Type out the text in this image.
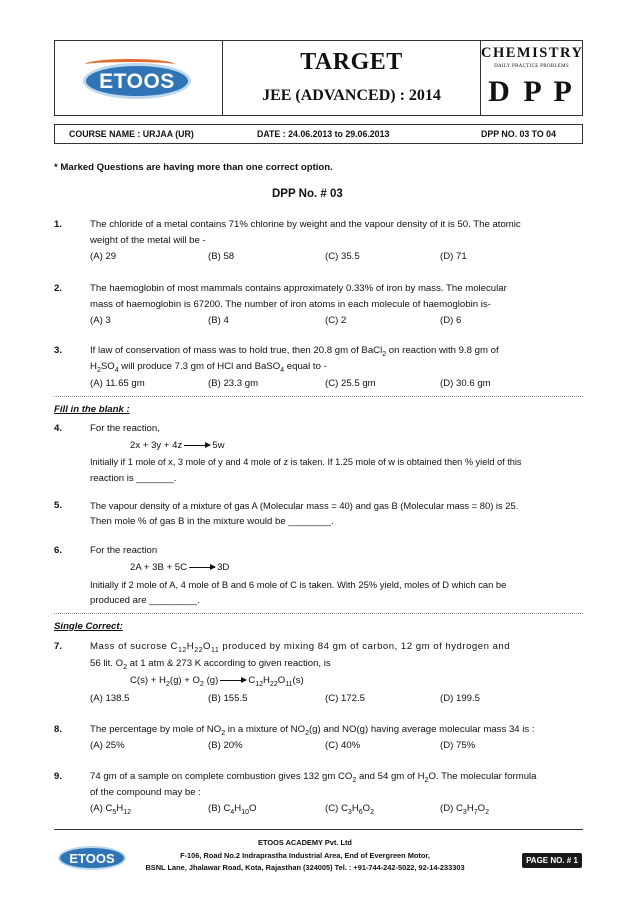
ETOOS
TARGET
JEE (ADVANCED) : 2014
CHEMISTRY
DAILY PRACTICE PROBLEMS
D P P
COURSE NAME : URJAA (UR)	DATE : 24.06.2013 to 29.06.2013	DPP NO. 03 TO 04
* Marked Questions are having more than one correct option.
DPP No. # 03
1.	The chloride of a metal contains 71% chlorine by weight and the vapour density of it is 50. The atomic
weight of the metal will be -
(A) 29	(B) 58	(C) 35.5	(D) 71
2.	The haemoglobin of most mammals contains approximately 0.33% of iron by mass. The molecular
mass of haemoglobin is 67200. The number of iron atoms in each molecule of haemoglobin is-
(A) 3	(B) 4	(C) 2	(D) 6
3.	If law of conservation of mass was to hold true, then 20.8 gm of BaCl$_2$ on reaction with 9.8 gm of
$H_2SO_4$ will produce 7.3 gm of HCl and BaSO$_4$ equal to -
(A) 11.65 gm	(B) 23.3 gm	(C) 25.5 gm	(D) 30.6 gm
Fill in the blank :
4.	For the reaction,
2x + 3y + 4z → 5w
Initially if 1 mole of x, 3 mole of y and 4 mole of z is taken. If 1.25 mole of w is obtained then % yield of this
reaction is _______.
5.	The vapour density of a mixture of gas A (Molecular mass = 40) and gas B (Molecular mass = 80) is 25.
Then mole % of gas B in the mixture would be ________.
6.	For the reaction
2A + 3B + 5C → 3D
Initially if 2 mole of A, 4 mole of B and 6 mole of C is taken. With 25% yield, moles of D which can be
produced are _________.
Single Correct:
7.	Mass of sucrose $C_{12}H_{22}O_{11}$ produced by mixing 84 gm of carbon, 12 gm of hydrogen and
56 lit. $O_2$ at 1 atm & 273 K according to given reaction, is
$C(s) + H_2(g) + O_2$ $(g) \to C_{12}H_{22}O_{11}(s)$
(A) 138.5	(B) 155.5	(C) 172.5	(D) 199.5
8.	The percentage by mole of $NO_2$ in a mixture of $NO_2(g)$ and NO(g) having average molecular mass 34 is :
(A) 25%	(B) 20%	(C) 40%	(D) 75%
9.	74 gm of a sample on complete combustion gives 132 gm $CO_2$ and 54 gm of $H_2O$. The molecular formula
of the compound may be :
(A) $C_5H_{12}$	(B) $C_4H_{10}O$	(C) $C_3H_6O_2$	(D) $C_3H_7O_2$
ETOOS
ETOOS ACADEMY Pvt. Ltd
F-106, Road No.2 Indraprastha Industrial Area, End of Evergreen Motor,
BSNL Lane, Jhalawar Road, Kota, Rajasthan (324005) Tel. : +91-744-242-5022, 92-14-233303
PAGE NO. # 1
